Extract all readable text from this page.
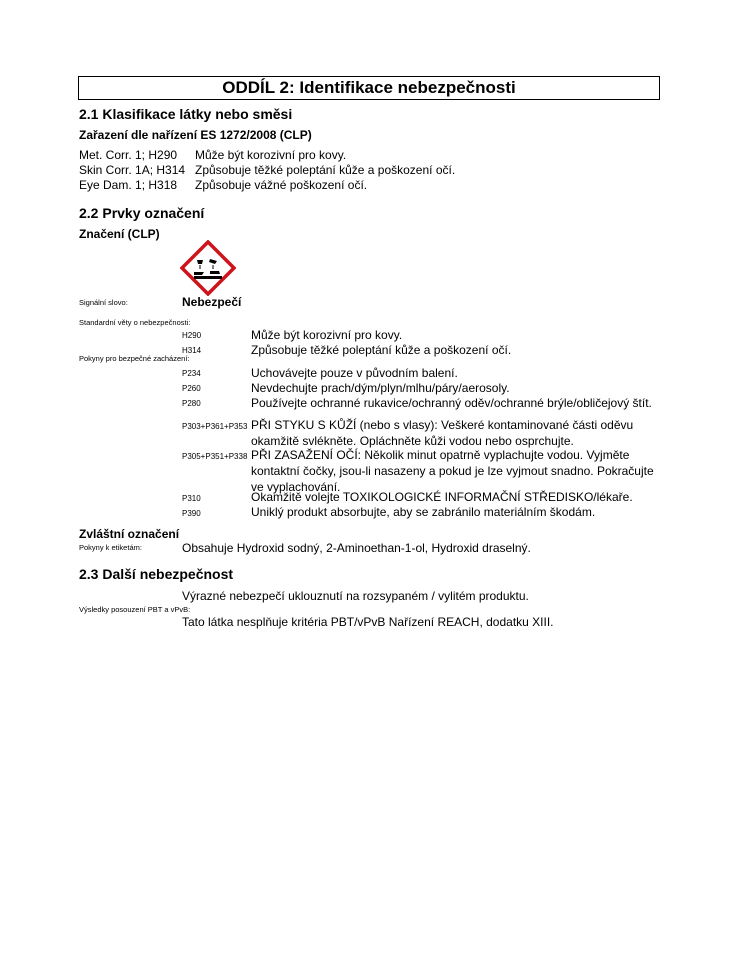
ODDÍL 2: Identifikace nebezpečnosti
2.1 Klasifikace látky nebo směsi
Zařazení dle nařízení ES 1272/2008 (CLP)
Met. Corr. 1; H290 Může být korozivní pro kovy.
Skin Corr. 1A; H314 Způsobuje těžké poleptání kůže a poškození očí.
Eye Dam. 1; H318 Způsobuje vážné poškození očí.
2.2 Prvky označení
Značení (CLP)
Signální slovo:	Nebezpečí
Standardní věty o nebezpečnosti:
H290	Může být korozivní pro kovy.
H314	Způsobuje těžké poleptání kůže a poškození očí.
Pokyny pro bezpečné zacházení:
P234	Uchovávejte pouze v původním balení.
P260	Nevdechujte prach/dým/plyn/mlhu/páry/aerosoly.
P280	Používejte ochranné rukavice/ochranný oděv/ochranné brýle/obličejový štít.
P303+P361+P353 PŘI STYKU S KŮŽÍ (nebo s vlasy): Veškeré kontaminované části oděvu okamžitě svlékněte. Opláchněte kůži vodou nebo osprchujte.
P305+P351+P338 PŘI ZASAŽENÍ OČÍ: Několik minut opatrně vyplachujte vodou. Vyjměte kontaktní čočky, jsou-li nasazeny a pokud je lze vyjmout snadno. Pokračujte ve vyplachování.
P310	Okamžitě volejte TOXIKOLOGICKÉ INFORMAČNÍ STŘEDISKO/lékaře.
P390	Uniklý produkt absorbujte, aby se zabránilo materiálním škodám.
Zvláštní označení
Pokyny k etiketám:	Obsahuje Hydroxid sodný, 2-Aminoethan-1-ol, Hydroxid draselný.
2.3 Další nebezpečnost
Výrazné nebezpečí uklouznutí na rozsypaném / vylitém produktu.
Výsledky posouzení PBT a vPvB:
Tato látka nesplňuje kritéria PBT/vPvB Nařízení REACH, dodatku XIII.
